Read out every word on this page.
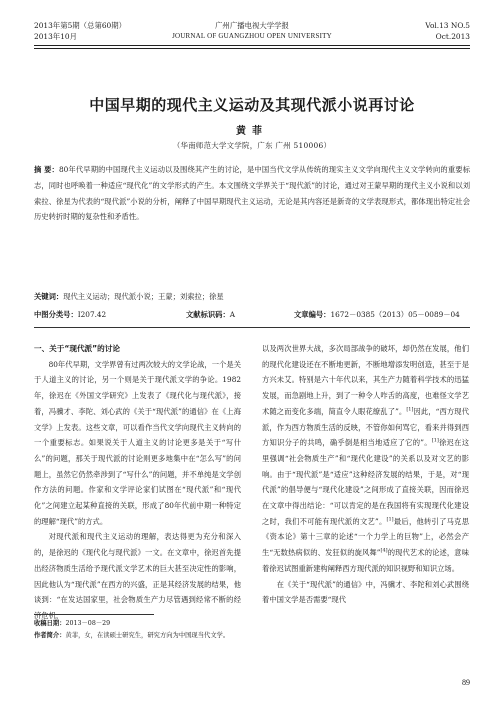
2013年第5期（总第60期）
2013年10月
广州广播电视大学学报
JOURNAL OF GUANGZHOU OPEN UNIVERSITY
Vol.13 NO.5
Oct.2013
中国早期的现代主义运动及其现代派小说再讨论
黄菲
（华南师范大学文学院，广东 广州 510006）
摘 要：80年代早期的中国现代主义运动以及围绕其产生的讨论，是中国当代文学从传统的现实主义文学向现代主义文学转向的重要标志，同时也呼唤着一种适应“现代化”的文学形式的产生。本文围绕文学界关于“现代派”的讨论，通过对王蒙早期的现代主义小说和以刘索拉、徐星为代表的“现代派”小说的分析，阐释了中国早期现代主义运动，无论是其内容还是新奇的文学表现形式，都体现出特定社会历史转折时期的复杂性和矛盾性。
关键词：现代主义运动；现代派小说；王蒙；刘索拉；徐星
中图分类号：I207.42	文献标识码：A	文章编号：1672－0385（2013）05－0089－04
一、关于“现代派”的讨论

80年代早期，文学界曾有过两次较大的文学论战，一个是关于人道主义的讨论，另一个则是关于现代派文学的争论。1982年，徐迟在《外国文学研究》上发表了《现代化与现代派》，接着，冯骥才、李陀、刘心武的《关于“现代派”的通信》在《上海文学》上发表。这些文章，可以看作当代文学向现代主义转向的一个重要标志。如果说关于人道主义的讨论更多是关于“写什么”的问题，那关于现代派的讨论则更多地集中在“怎么写”的问题上，虽然它仍然牵涉到了“写什么”的问题，并不单纯是文学创作方法的问题。作家和文学评论家们试图在“现代派”和“现代化”之间建立起某种直接的关联，形成了80年代前中期一种特定的理解“现代”的方式。

对现代派和现代主义运动的理解，表达得更为充分和深入的，是徐迟的《现代化与现代派》一文。在文章中，徐迟首先提出经济物质生活给予现代派文学艺术的巨大甚至决定性的影响，因此他认为“现代派”在西方的兴盛，正是其经济发展的结果，他谈到：“在发达国家里，社会物质生产力尽管遇到经常不断的经济危机，

以及两次世界大战，多次局部战争的破坏，却仍然在发展，他们的现代化建设还在不断地更新，不断地增添发明创造，甚至于是方兴未艾。特别是六十年代以来，其生产力随着科学技术的迅猛发展，而急剧地上升，到了一种令人咋舌的高度，也难怪文学艺术随之而变化多端，简直令人眼花缭乱了”。[1]因此，“西方现代派，作为西方物质生活的反映，不管你如何骂它，看来并得到西方知识分子的共鸣，确乎倒是相当地适应了它的”。[1]徐迟在这里强调“社会物质生产”和“现代化建设”的关系以及对文艺的影响。由于“现代派”是“适应”这种经济发展的结果，于是，对“现代派”的倡导便与“现代化建设”之间形成了直接关联，因而徐迟在文章中得出结论：“可以肯定的是在我国将有实现现代化建设之时，我们不可能有现代派的文艺”。[1]最后，他转引了马克思《资本论》第十三章的论述“一个力学上的巨物”上，必然会产生“无数热病似的、发狂似的旋风舞”[4]的现代艺术的论述，意味着徐迟试图重新建构阐释西方现代派的知识视野和知识立场。

在《关于“现代派”的通信》中，冯骥才、李陀和刘心武围绕着中国文学是否需要“现代

收稿日期：2013－08－29
作者简介：黄菲，女，在读硕士研究生，研究方向为中国现当代文学。
89
